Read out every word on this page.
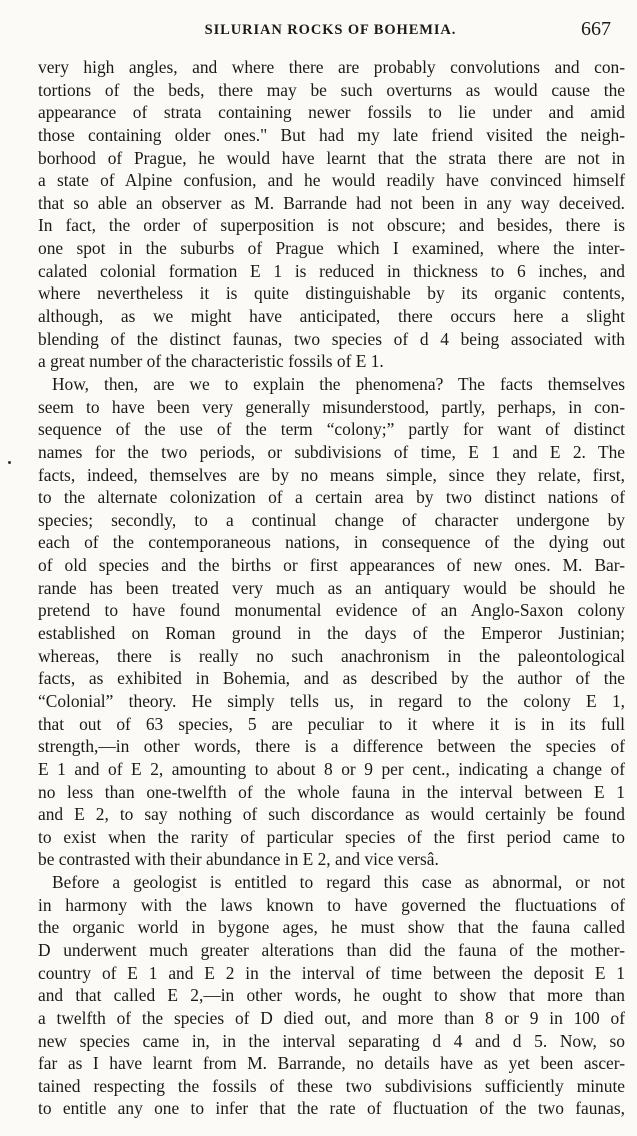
SILURIAN ROCKS OF BOHEMIA.	667
very high angles, and where there are probably convolutions and con-
tortions of the beds, there may be such overturns as would cause the
appearance of strata containing newer fossils to lie under and amid
those containing older ones." But had my late friend visited the neigh-
borhood of Prague, he would have learnt that the strata there are not in
a state of Alpine confusion, and he would readily have convinced himself
that so able an observer as M. Barrande had not been in any way deceived.
In fact, the order of superposition is not obscure; and besides, there is
one spot in the suburbs of Prague which I examined, where the inter-
calated colonial formation E 1 is reduced in thickness to 6 inches, and
where nevertheless it is quite distinguishable by its organic contents,
although, as we might have anticipated, there occurs here a slight
blending of the distinct faunas, two species of d 4 being associated with
a great number of the characteristic fossils of E 1.
How, then, are we to explain the phenomena? The facts themselves
seem to have been very generally misunderstood, partly, perhaps, in con-
sequence of the use of the term “colony;” partly for want of distinct
names for the two periods, or subdivisions of time, E 1 and E 2. The
facts, indeed, themselves are by no means simple, since they relate, first,
to the alternate colonization of a certain area by two distinct nations of
species; secondly, to a continual change of character undergone by
each of the contemporaneous nations, in consequence of the dying out
of old species and the births or first appearances of new ones. M. Bar-
rande has been treated very much as an antiquary would be should he
pretend to have found monumental evidence of an Anglo-Saxon colony
established on Roman ground in the days of the Emperor Justinian;
whereas, there is really no such anachronism in the paleontological
facts, as exhibited in Bohemia, and as described by the author of the
“Colonial” theory. He simply tells us, in regard to the colony E 1,
that out of 63 species, 5 are peculiar to it where it is in its full
strength,—in other words, there is a difference between the species of
E 1 and of E 2, amounting to about 8 or 9 per cent., indicating a change of
no less than one-twelfth of the whole fauna in the interval between E 1
and E 2, to say nothing of such discordance as would certainly be found
to exist when the rarity of particular species of the first period came to
be contrasted with their abundance in E 2, and vice versâ.
Before a geologist is entitled to regard this case as abnormal, or not
in harmony with the laws known to have governed the fluctuations of
the organic world in bygone ages, he must show that the fauna called
D underwent much greater alterations than did the fauna of the mother-
country of E 1 and E 2 in the interval of time between the deposit E 1
and that called E 2,—in other words, he ought to show that more than
a twelfth of the species of D died out, and more than 8 or 9 in 100 of
new species came in, in the interval separating d 4 and d 5. Now, so
far as I have learnt from M. Barrande, no details have as yet been ascer-
tained respecting the fossils of these two subdivisions sufficiently minute
to entitle any one to infer that the rate of fluctuation of the two faunas,
